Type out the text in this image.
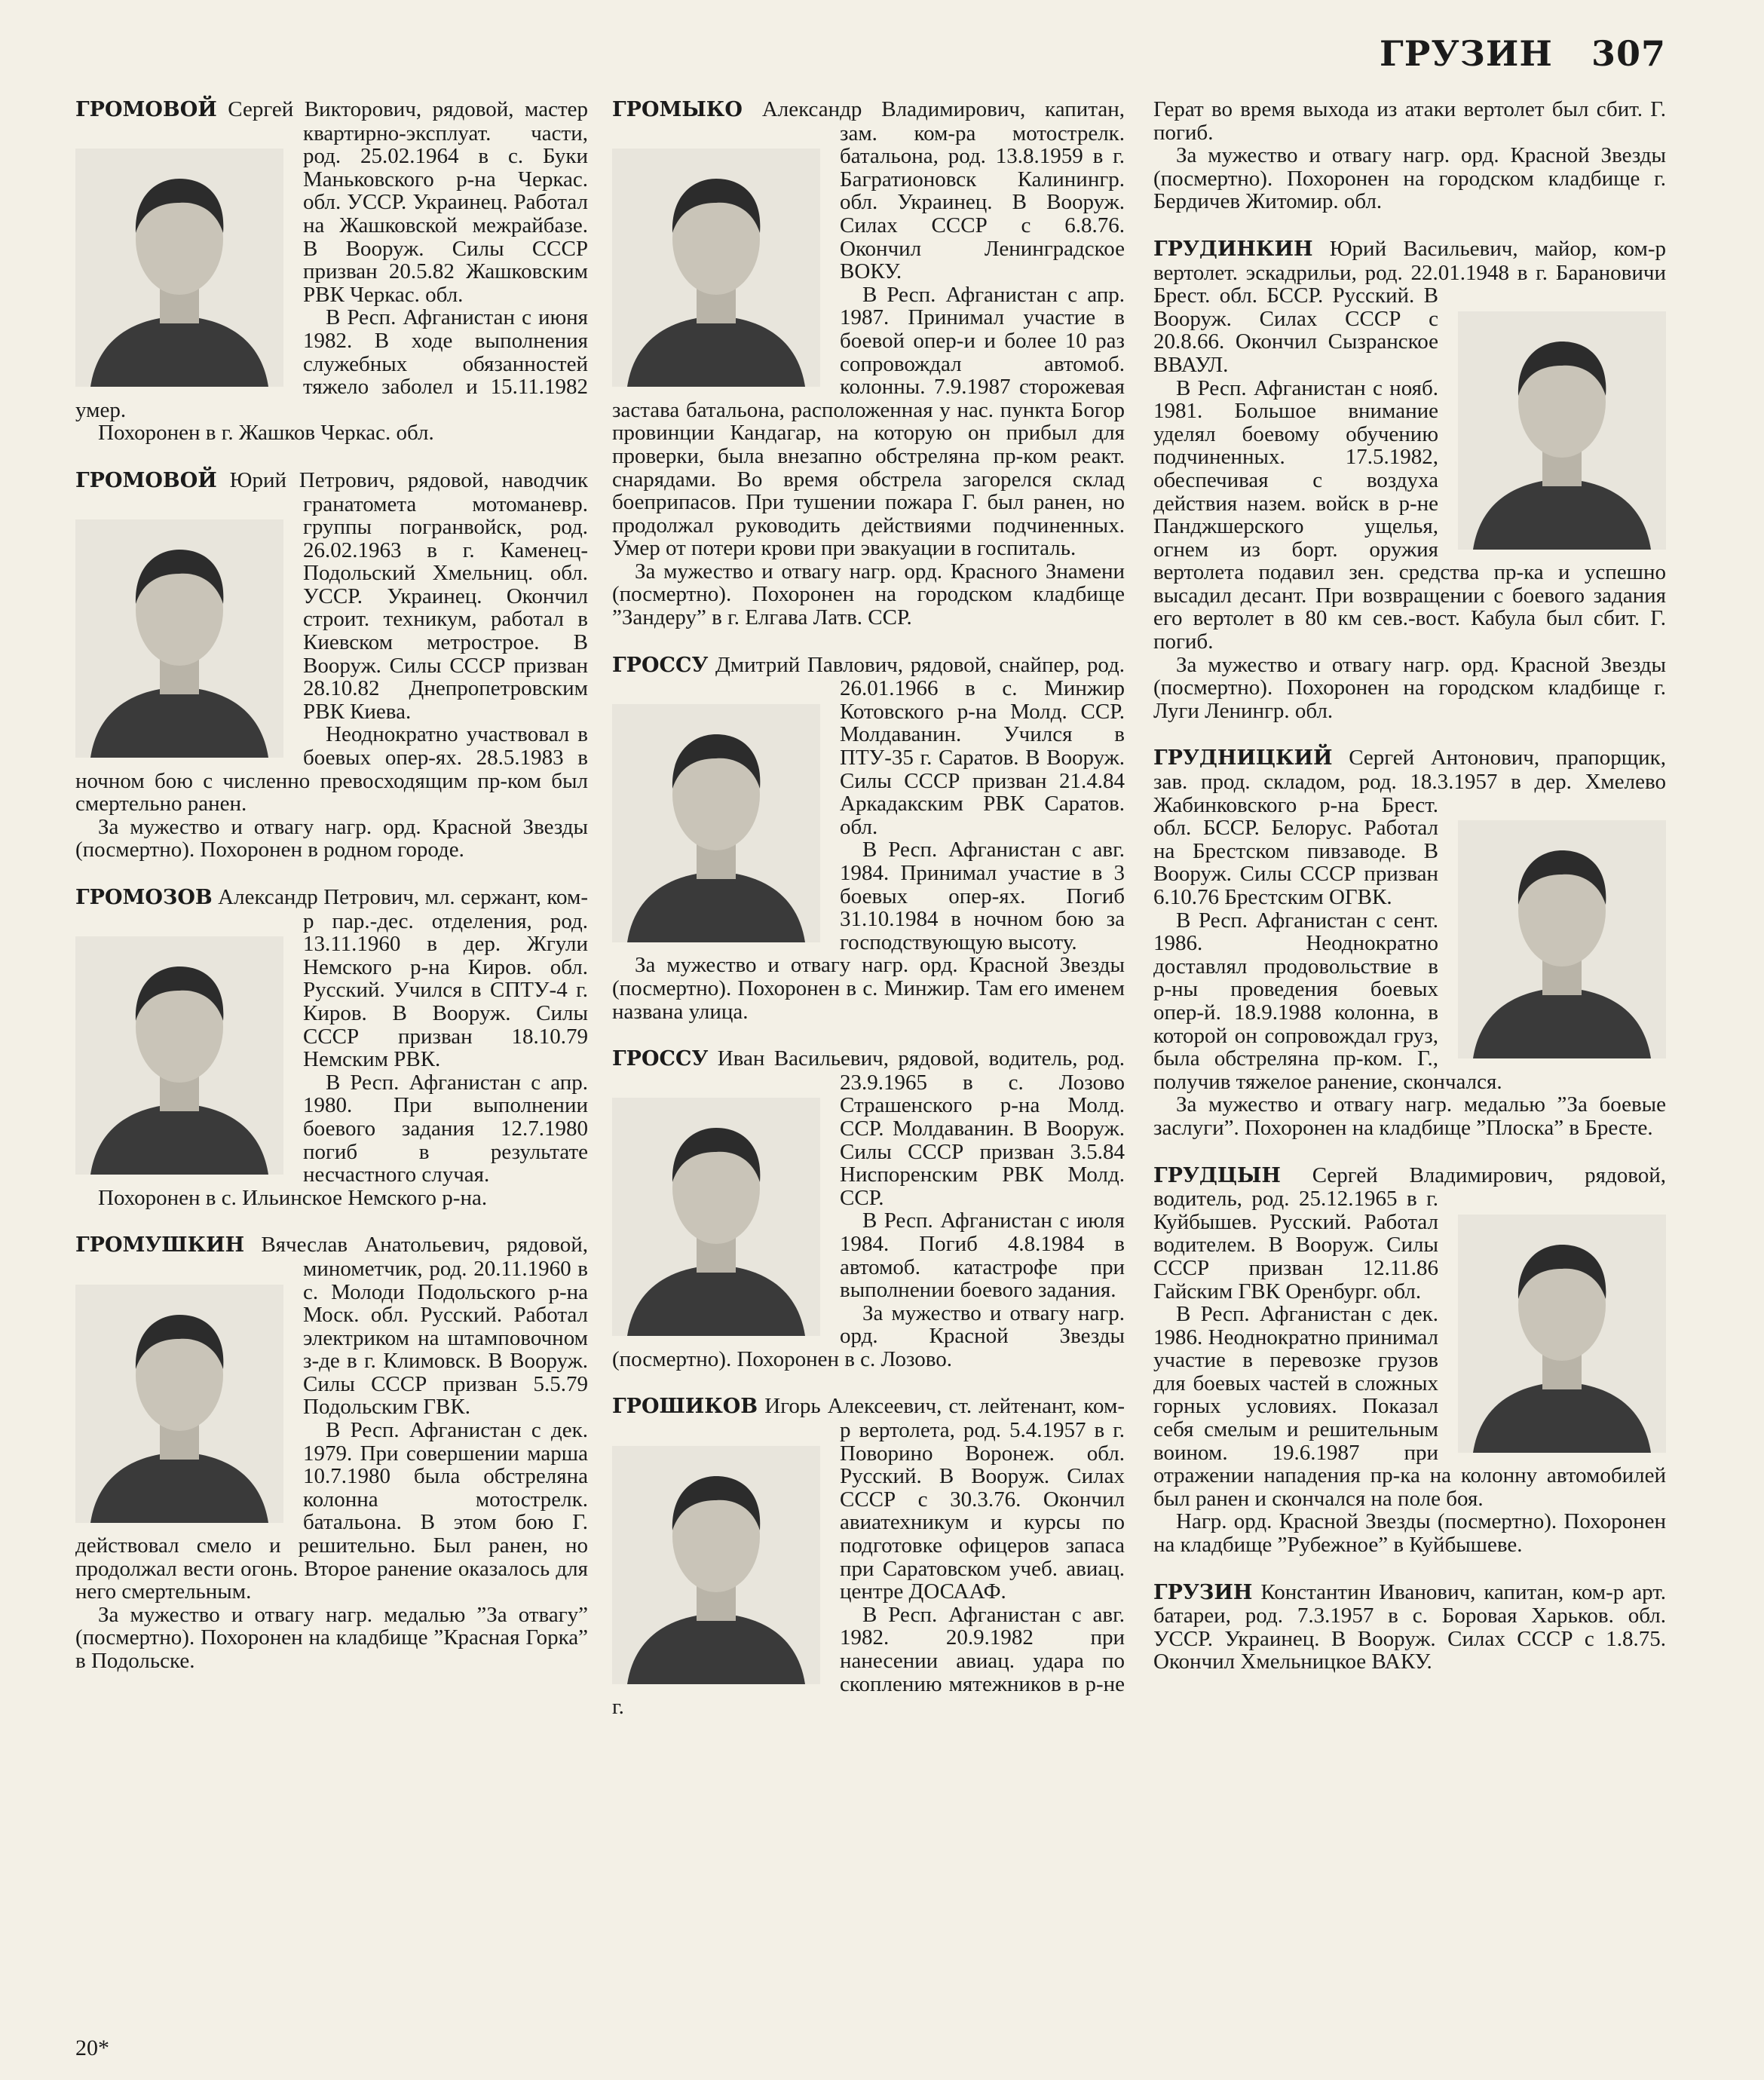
ГРУЗИН 307

ГРОМОВОЙ Сергей Викторович, рядовой, мастер квартирно-эксплуат. части, род. 25.02.1964 в с. Буки Маньковского р-на Черкас. обл. УССР. Украинец. Работал на Жашковской межрайбазе. В Вооруж. Силы СССР призван 20.5.82 Жашковским РВК Черкас. обл.

В Респ. Афганистан с июня 1982. В ходе выполнения служебных обязанностей тяжело заболел и 15.11.1982 умер.

Похоронен в г. Жашков Черкас. обл.

ГРОМОВОЙ Юрий Петрович, рядовой, наводчик гранатомета мотоманевр. группы погранвойск, род. 26.02.1963 в г. Каменец-Подольский Хмельниц. обл. УССР. Украинец. Окончил строит. техникум, работал в Киевском метрострое. В Вооруж. Силы СССР призван 28.10.82 Днепропетровским РВК Киева.

Неоднократно участвовал в боевых опер-ях. 28.5.1983 в ночном бою с численно превосходящим пр-ком был смертельно ранен.

За мужество и отвагу нагр. орд. Красной Звезды (посмертно). Похоронен в родном городе.

ГРОМОЗОВ Александр Петрович, мл. сержант, ком-р пар.-дес. отделения, род. 13.11.1960 в дер. Жгули Немского р-на Киров. обл. Русский. Учился в СПТУ-4 г. Киров. В Вооруж. Силы СССР призван 18.10.79 Немским РВК.

В Респ. Афганистан с апр. 1980. При выполнении боевого задания 12.7.1980 погиб в результате несчастного случая.

Похоронен в с. Ильинское Немского р-на.

ГРОМУШКИН Вячеслав Анатольевич, рядовой, минометчик, род. 20.11.1960 в с. Молоди Подольского р-на Моск. обл. Русский. Работал электриком на штамповочном з-де в г. Климовск. В Вооруж. Силы СССР призван 5.5.79 Подольским ГВК.

В Респ. Афганистан с дек. 1979. При совершении марша 10.7.1980 была обстреляна колонна мотострелк. батальона. В этом бою Г. действовал смело и решительно. Был ранен, но продолжал вести огонь. Второе ранение оказалось для него смертельным.

За мужество и отвагу нагр. медалью ”За отвагу” (посмертно). Похоронен на кладбище ”Красная Горка” в Подольске.

ГРОМЫКО Александр Владимирович, капитан, зам. ком-ра мотострелк. батальона, род. 13.8.1959 в г. Багратионовск Калинингр. обл. Украинец. В Вооруж. Силах СССР с 6.8.76. Окончил Ленинградское ВОКУ.

В Респ. Афганистан с апр. 1987. Принимал участие в боевой опер-и и более 10 раз сопровождал автомоб. колонны. 7.9.1987 сторожевая застава батальона, расположенная у нас. пункта Богор провинции Кандагар, на которую он прибыл для проверки, была внезапно обстреляна пр-ком реакт. снарядами. Во время обстрела загорелся склад боеприпасов. При тушении пожара Г. был ранен, но продолжал руководить действиями подчиненных. Умер от потери крови при эвакуации в госпиталь.

За мужество и отвагу нагр. орд. Красного Знамени (посмертно). Похоронен на городском кладбище ”Зандеру” в г. Елгава Латв. ССР.

ГРОССУ Дмитрий Павлович, рядовой, снайпер, род. 26.01.1966 в с. Минжир Котовского р-на Молд. ССР. Молдаванин. Учился в ПТУ-35 г. Саратов. В Вооруж. Силы СССР призван 21.4.84 Аркадакским РВК Саратов. обл.

В Респ. Афганистан с авг. 1984. Принимал участие в 3 боевых опер-ях. Погиб 31.10.1984 в ночном бою за господствующую высоту.

За мужество и отвагу нагр. орд. Красной Звезды (посмертно). Похоронен в с. Минжир. Там его именем названа улица.

ГРОССУ Иван Васильевич, рядовой, водитель, род. 23.9.1965 в с. Лозово Страшенского р-на Молд. ССР. Молдаванин. В Вооруж. Силы СССР призван 3.5.84 Ниспоренским РВК Молд. ССР.

В Респ. Афганистан с июля 1984. Погиб 4.8.1984 в автомоб. катастрофе при выполнении боевого задания.

За мужество и отвагу нагр. орд. Красной Звезды (посмертно). Похоронен в с. Лозово.

ГРОШИКОВ Игорь Алексеевич, ст. лейтенант, ком-р вертолета, род. 5.4.1957 в г. Поворино Воронеж. обл. Русский. В Вооруж. Силах СССР с 30.3.76. Окончил авиатехникум и курсы по подготовке офицеров запаса при Саратовском учеб. авиац. центре ДОСААФ.

В Респ. Афганистан с авг. 1982. 20.9.1982 при нанесении авиац. удара по скоплению мятежников в р-не г.

Герат во время выхода из атаки вертолет был сбит. Г. погиб.

За мужество и отвагу нагр. орд. Красной Звезды (посмертно). Похоронен на городском кладбище г. Бердичев Житомир. обл.

ГРУДИНКИН Юрий Васильевич, майор, ком-р вертолет. эскадрильи, род. 22.01.1948 в г. Барановичи Брест. обл. БССР. Русский. В Вооруж. Силах СССР с 20.8.66. Окончил Сызранское ВВАУЛ.

В Респ. Афганистан с нояб. 1981. Большое внимание уделял боевому обучению подчиненных. 17.5.1982, обеспечивая с воздуха действия назем. войск в р-не Панджшерского ущелья, огнем из борт. оружия вертолета подавил зен. средства пр-ка и успешно высадил десант. При возвращении с боевого задания его вертолет в 80 км сев.-вост. Кабула был сбит. Г. погиб.

За мужество и отвагу нагр. орд. Красной Звезды (посмертно). Похоронен на городском кладбище г. Луги Ленингр. обл.

ГРУДНИЦКИЙ Сергей Антонович, прапорщик, зав. прод. складом, род. 18.3.1957 в дер. Хмелево Жабинковского р-на Брест. обл. БССР. Белорус. Работал на Брестском пивзаводе. В Вооруж. Силы СССР призван 6.10.76 Брестским ОГВК.

В Респ. Афганистан с сент. 1986. Неоднократно доставлял продовольствие в р-ны проведения боевых опер-й. 18.9.1988 колонна, в которой он сопровождал груз, была обстреляна пр-ком. Г., получив тяжелое ранение, скончался.

За мужество и отвагу нагр. медалью ”За боевые заслуги”. Похоронен на кладбище ”Плоска” в Бресте.

ГРУДЦЫН Сергей Владимирович, рядовой, водитель, род. 25.12.1965 в г. Куйбышев. Русский. Работал водителем. В Вооруж. Силы СССР призван 12.11.86 Гайским ГВК Оренбург. обл.

В Респ. Афганистан с дек. 1986. Неоднократно принимал участие в перевозке грузов для боевых частей в сложных горных условиях. Показал себя смелым и решительным воином. 19.6.1987 при отражении нападения пр-ка на колонну автомобилей был ранен и скончался на поле боя.

Нагр. орд. Красной Звезды (посмертно). Похоронен на кладбище ”Рубежное” в Куйбышеве.

ГРУЗИН Константин Иванович, капитан, ком-р арт. батареи, род. 7.3.1957 в с. Боровая Харьков. обл. УССР. Украинец. В Вооруж. Силах СССР с 1.8.75. Окончил Хмельницкое ВАКУ.

20*
